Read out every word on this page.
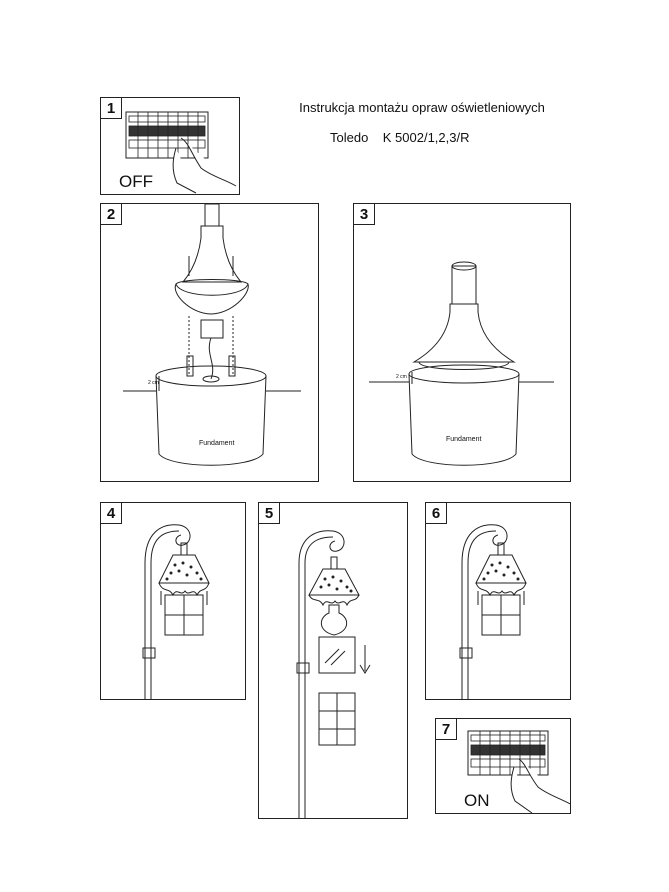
Instrukcja montażu opraw oświetleniowych
Toledo K 5002/1,2,3/R
1
OFF
2
2 cm
Fundament
3
2 cm
Fundament
4	5	6
7
ON
